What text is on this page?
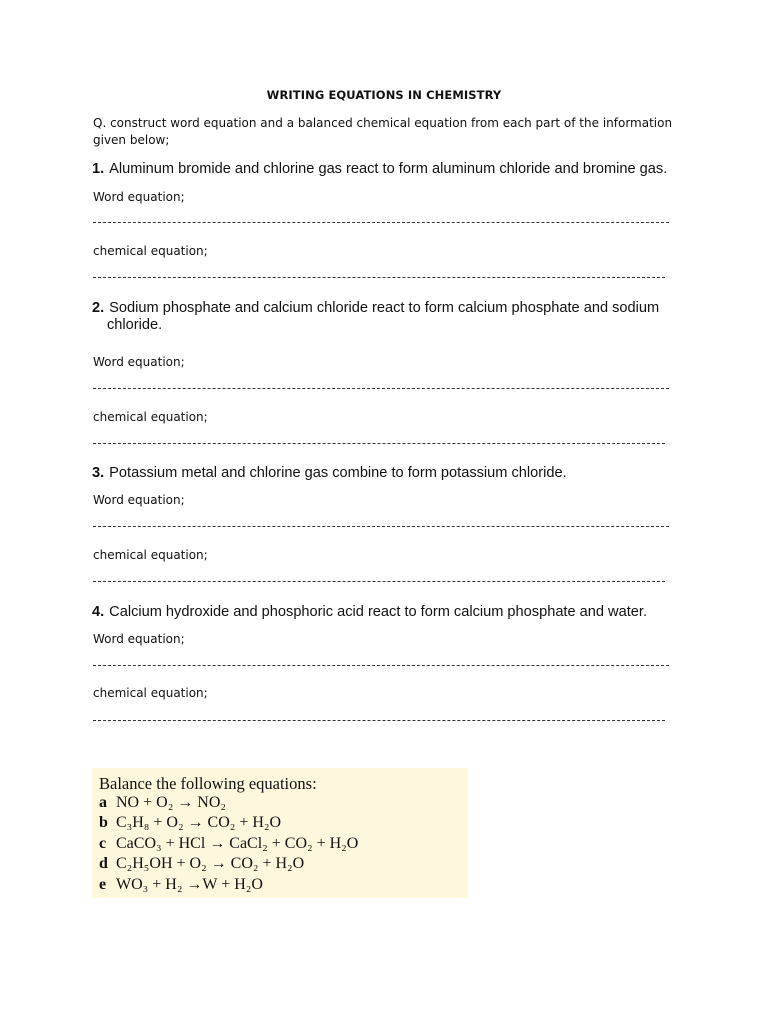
WRITING EQUATIONS IN CHEMISTRY
Q. construct word equation and a balanced chemical equation from each part of the information given below;
1. Aluminum bromide and chlorine gas react to form aluminum chloride and bromine gas.
Word equation;
chemical equation;
2. Sodium phosphate and calcium chloride react to form calcium phosphate and sodium
chloride.
Word equation;
chemical equation;
3. Potassium metal and chlorine gas combine to form potassium chloride.
Word equation;
chemical equation;
4. Calcium hydroxide and phosphoric acid react to form calcium phosphate and water.
Word equation;
chemical equation;
Balance the following equations:
a NO + O₂ → NO₂
b C₃H₈ + O₂ → CO₂ + H₂O
c CaCO₃ + HCl → CaCl₂ + CO₂ + H₂O
d C₂H₅OH + O₂ → CO₂ + H₂O
e WO₃ + H₂ →W + H₂O
